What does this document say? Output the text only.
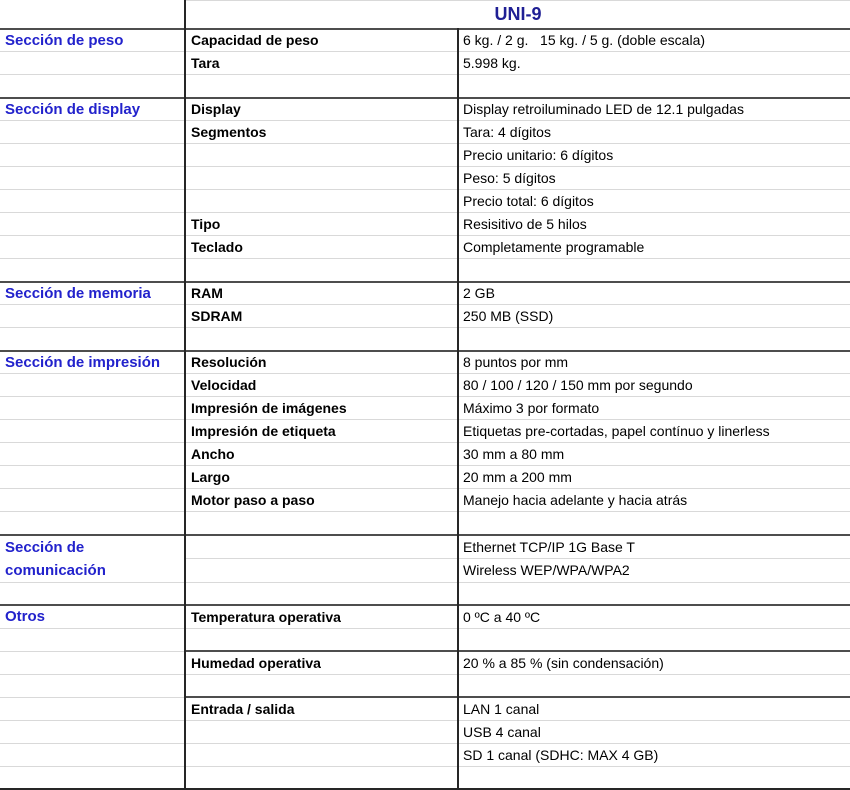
	UNI-9	
Sección de peso	Capacidad de peso	6 kg. / 2 g.   15 kg. / 5 g. (doble escala)
	Tara	5.998 kg.

Sección de display	Display	Display retroiluminado LED de 12.1 pulgadas
	Segmentos	Tara: 4 dígitos
		Precio unitario: 6 dígitos
		Peso: 5 dígitos
		Precio total: 6 dígitos
	Tipo	Resisitivo de 5 hilos
	Teclado	Completamente programable

Sección de memoria	RAM	2 GB
	SDRAM	250 MB (SSD)

Sección de impresión	Resolución	8 puntos por mm
	Velocidad	80 / 100 / 120 / 150 mm por segundo
	Impresión de imágenes	Máximo 3 por formato
	Impresión de etiqueta	Etiquetas pre-cortadas, papel contínuo y linerless
	Ancho	30 mm a 80 mm
	Largo	20 mm a 200 mm
	Motor paso a paso	Manejo hacia adelante y hacia atrás

Sección de
comunicación		Ethernet TCP/IP 1G Base T
		Wireless WEP/WPA/WPA2

Otros	Temperatura operativa	0 ºC a 40 ºC

	Humedad operativa	20 % a 85 % (sin condensación)

	Entrada / salida	LAN 1 canal
		USB 4 canal
		SD 1 canal (SDHC: MAX 4 GB)
